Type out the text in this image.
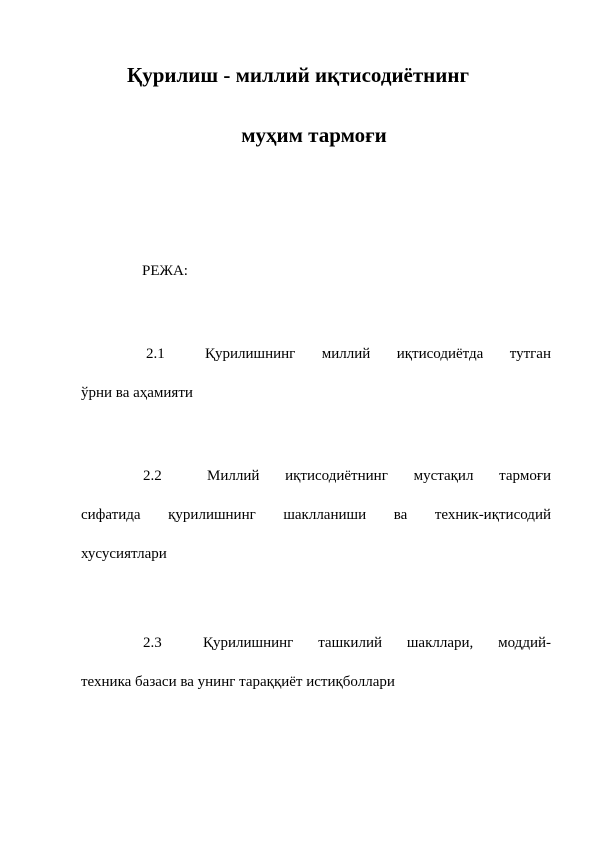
Қурилиш - миллий иқтисодиётнинг
муҳим тармоғи
РЕЖА:
2.1	Қурилишнинг миллий иқтисодиётда тутган
ўрни ва аҳамияти
2.2	Миллий иқтисодиётнинг мустақил тармоғи
сифатида қурилишнинг шаклланиши ва техник-иқтисодий
хусусиятлари
2.3	Қурилишнинг ташкилий шакллари, моддий-
техника базаси ва унинг тараққиёт истиқболлари
